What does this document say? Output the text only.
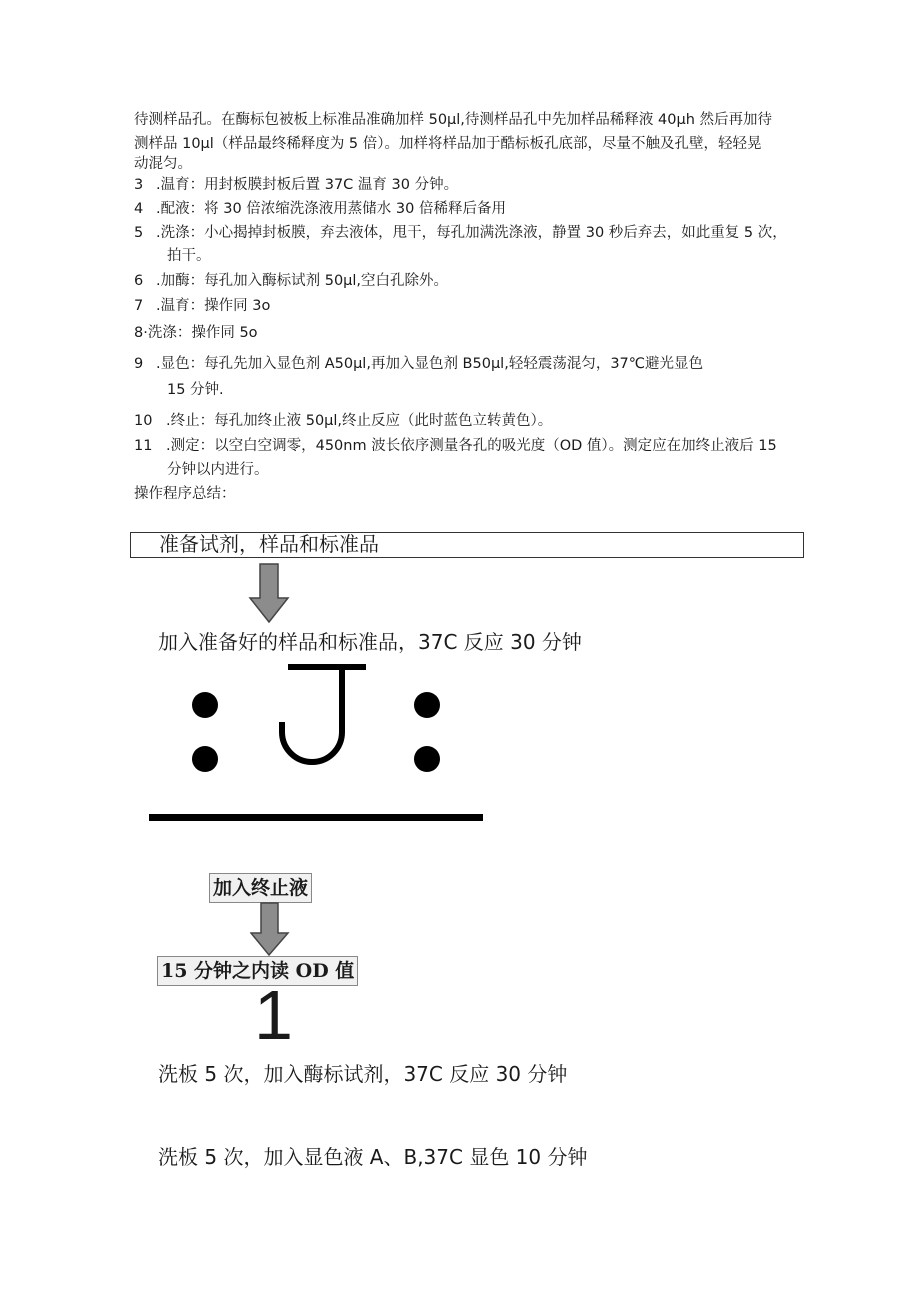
待测样品孔。在酶标包被板上标准品准确加样 50μl,待测样品孔中先加样品稀释液 40μh 然后再加待
测样品 10μl（样品最终稀释度为 5 倍）。加样将样品加于酷标板孔底部，尽量不触及孔壁，轻轻晃
动混匀。
3 .温育：用封板膜封板后置 37C 温育 30 分钟。
4 .配液：将 30 倍浓缩洗涤液用蒸储水 30 倍稀释后备用
5 .洗涤：小心揭掉封板膜，弃去液体，甩干，每孔加满洗涤液，静置 30 秒后弃去，如此重复 5 次，
拍干。
6 .加酶：每孔加入酶标试剂 50μl,空白孔除外。
7 .温育：操作同 3o
8·洗涤：操作同 5o
9 .显色：每孔先加入显色剂 A50μl,再加入显色剂 B50μl,轻轻震荡混匀，37℃避光显色
15 分钟.
10 .终止：每孔加终止液 50μl,终止反应（此时蓝色立转黄色）。
11 .测定：以空白空调零，450nm 波长依序测量各孔的吸光度（OD 值）。测定应在加终止液后 15
分钟以内进行。
操作程序总结：
准备试剂，样品和标准品
加入准备好的样品和标准品，37C 反应 30 分钟
加入终止液
15 分钟之内读 OD 值
1
洗板 5 次，加入酶标试剂，37C 反应 30 分钟
洗板 5 次，加入显色液 A、B,37C 显色 10 分钟
